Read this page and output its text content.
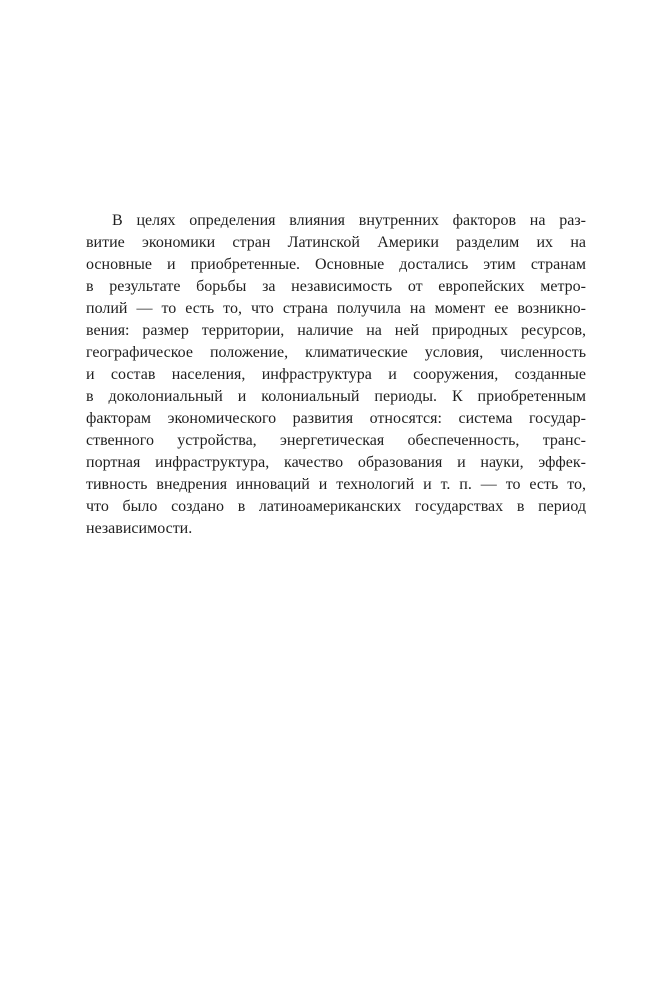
В целях определения влияния внутренних факторов на раз-
витие экономики стран Латинской Америки разделим их на
основные и приобретенные. Основные достались этим странам
в результате борьбы за независимость от европейских метро-
полий — то есть то, что страна получила на момент ее возникно-
вения: размер территории, наличие на ней природных ресурсов,
географическое положение, климатические условия, численность
и состав населения, инфраструктура и сооружения, созданные
в доколониальный и колониальный периоды. К приобретенным
факторам экономического развития относятся: система государ-
ственного устройства, энергетическая обеспеченность, транс-
портная инфраструктура, качество образования и науки, эффек-
тивность внедрения инноваций и технологий и т. п. — то есть то,
что было создано в латиноамериканских государствах в период
независимости.
